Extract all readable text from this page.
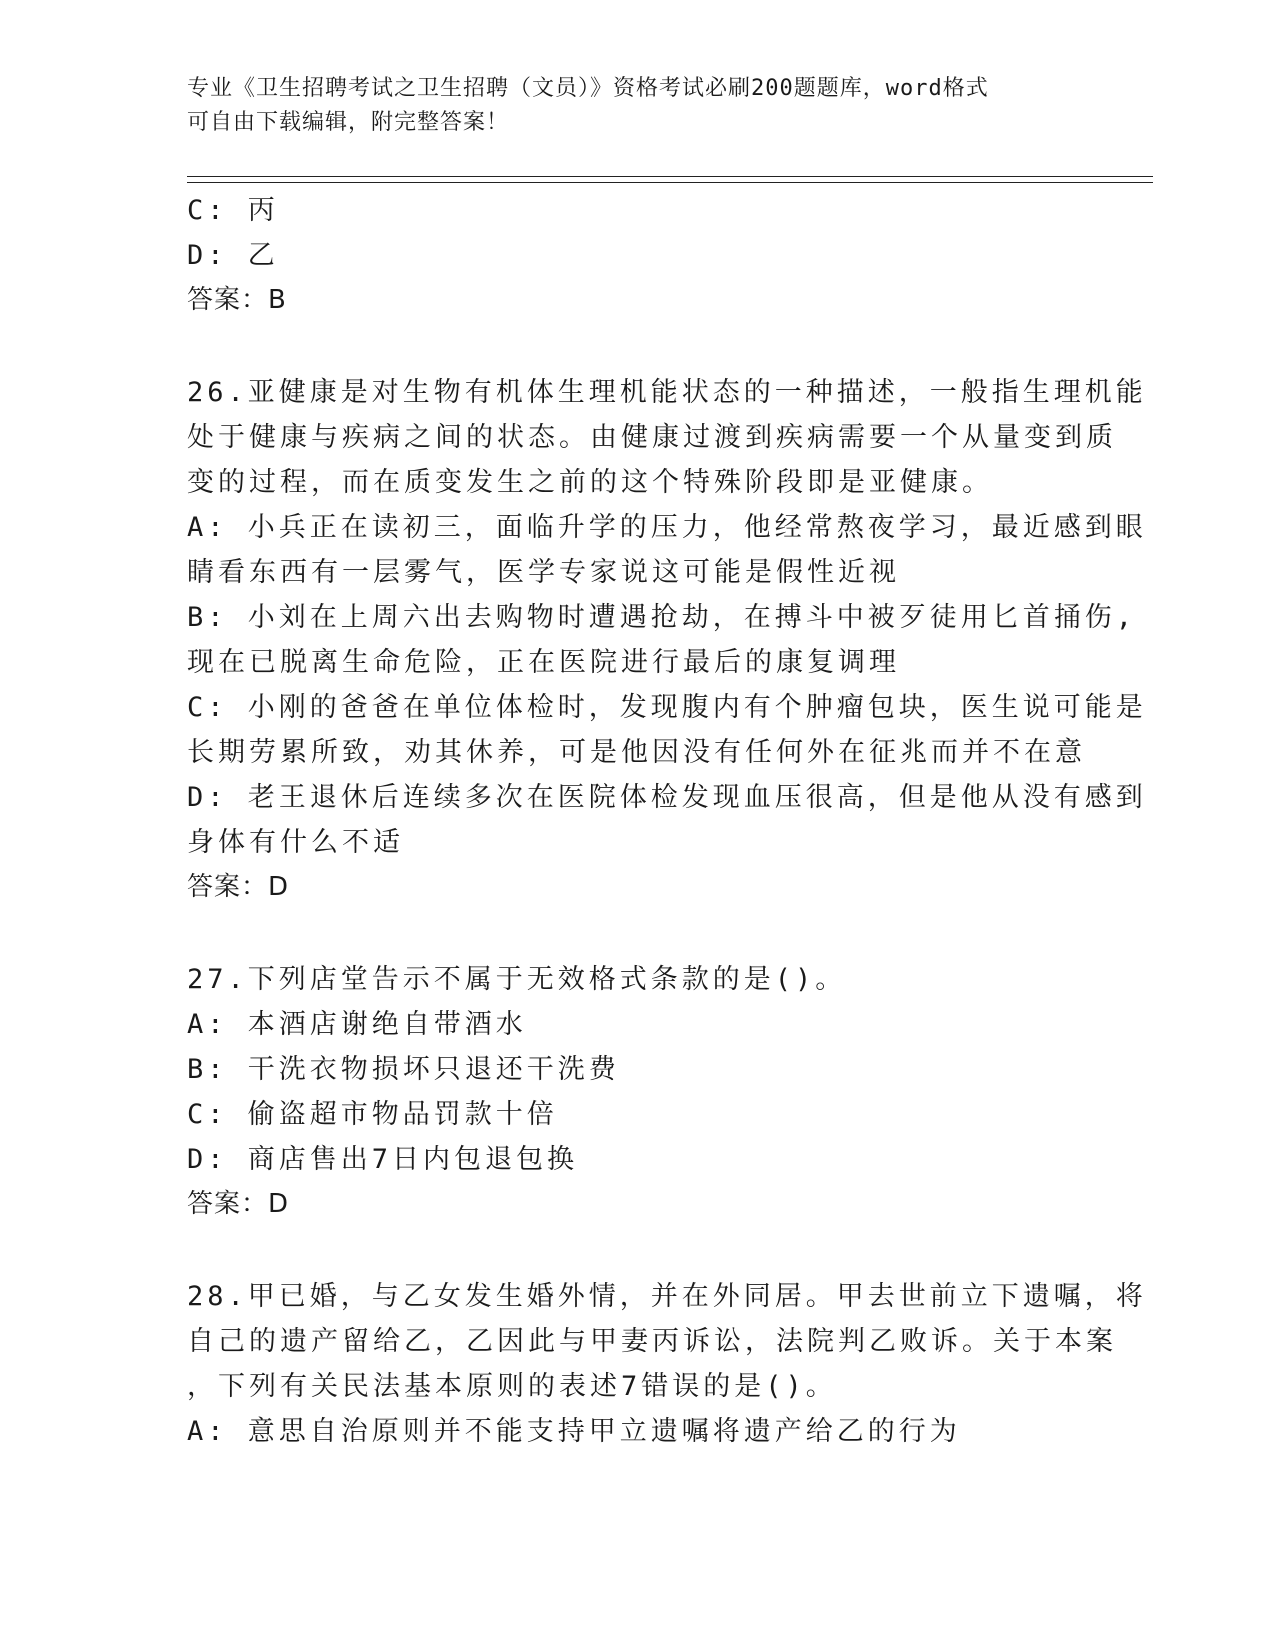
专业《卫生招聘考试之卫生招聘（文员）》资格考试必刷200题题库，word格式
可自由下载编辑，附完整答案！
C: 丙
D: 乙
答案：B
26.亚健康是对生物有机体生理机能状态的一种描述，一般指生理机能
处于健康与疾病之间的状态。由健康过渡到疾病需要一个从量变到质
变的过程，而在质变发生之前的这个特殊阶段即是亚健康。
A: 小兵正在读初三，面临升学的压力，他经常熬夜学习，最近感到眼
睛看东西有一层雾气，医学专家说这可能是假性近视
B: 小刘在上周六出去购物时遭遇抢劫，在搏斗中被歹徒用匕首捅伤,
现在已脱离生命危险，正在医院进行最后的康复调理
C: 小刚的爸爸在单位体检时，发现腹内有个肿瘤包块，医生说可能是
长期劳累所致，劝其休养，可是他因没有任何外在征兆而并不在意
D: 老王退休后连续多次在医院体检发现血压很高，但是他从没有感到
身体有什么不适
答案：D
27.下列店堂告示不属于无效格式条款的是()。
A: 本酒店谢绝自带酒水
B: 干洗衣物损坏只退还干洗费
C: 偷盗超市物品罚款十倍
D: 商店售出7日内包退包换
答案：D
28.甲已婚，与乙女发生婚外情，并在外同居。甲去世前立下遗嘱，将
自己的遗产留给乙，乙因此与甲妻丙诉讼，法院判乙败诉。关于本案
，下列有关民法基本原则的表述7错误的是()。
A: 意思自治原则并不能支持甲立遗嘱将遗产给乙的行为
